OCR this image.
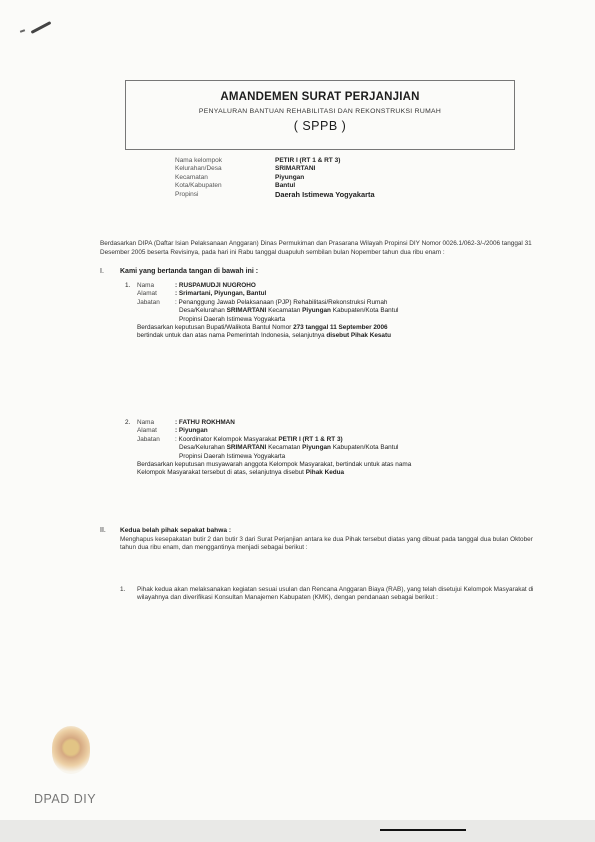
AMANDEMEN SURAT PERJANJIAN
PENYALURAN BANTUAN REHABILITASI DAN REKONSTRUKSI RUMAH
( SPPB )
Nama kelompok	PETIR I (RT 1 & RT 3)
Kelurahan/Desa	SRIMARTANI
Kecamatan	Piyungan
Kota/Kabupaten	Bantul
Propinsi	Daerah Istimewa Yogyakarta
Berdasarkan DIPA (Daftar Isian Pelaksanaan Anggaran) Dinas Permukiman dan Prasarana Wilayah Propinsi DIY Nomor 0026.1/062-3/-/2006 tanggal 31 Desember 2005 beserta Revisinya, pada hari ini Rabu tanggal duapuluh sembilan bulan Nopember tahun dua ribu enam :
I. Kami yang bertanda tangan di bawah ini :
1.	Nama	: RUSPAMUDJI NUGROHO
Alamat	: Srimartani, Piyungan, Bantul
Jabatan	: Penanggung Jawab Pelaksanaan (PJP) Rehabilitasi/Rekonstruksi Rumah
Desa/Kelurahan SRIMARTANI Kecamatan Piyungan Kabupaten/Kota Bantul
Propinsi Daerah Istimewa Yogyakarta
Berdasarkan keputusan Bupati/Walikota Bantul Nomor 273 tanggal 11 September 2006
bertindak untuk dan atas nama Pemerintah Indonesia, selanjutnya disebut Pihak Kesatu
2.	Nama	: FATHU ROKHMAN
Alamat	: Piyungan
Jabatan	: Koordinator Kelompok Masyarakat PETIR I (RT 1 & RT 3)
Desa/Kelurahan SRIMARTANI Kecamatan Piyungan Kabupaten/Kota Bantul
Propinsi Daerah Istimewa Yogyakarta
Berdasarkan keputusan musyawarah anggota Kelompok Masyarakat, bertindak untuk atas nama
Kelompok Masyarakat tersebut di atas, selanjutnya disebut Pihak Kedua
II. Kedua belah pihak sepakat bahwa :
Menghapus kesepakatan butir 2 dan butir 3 dari Surat Perjanjian antara ke dua Pihak tersebut diatas yang dibuat pada tanggal dua bulan Oktober tahun dua ribu enam, dan menggantinya menjadi sebagai berikut :
1.	Pihak kedua akan melaksanakan kegiatan sesuai usulan dan Rencana Anggaran Biaya (RAB), yang telah disetujui Kelompok Masyarakat di wilayahnya dan diverifikasi Konsultan Manajemen Kabupaten (KMK), dengan pendanaan sebagai berikut :
DPAD DIY
